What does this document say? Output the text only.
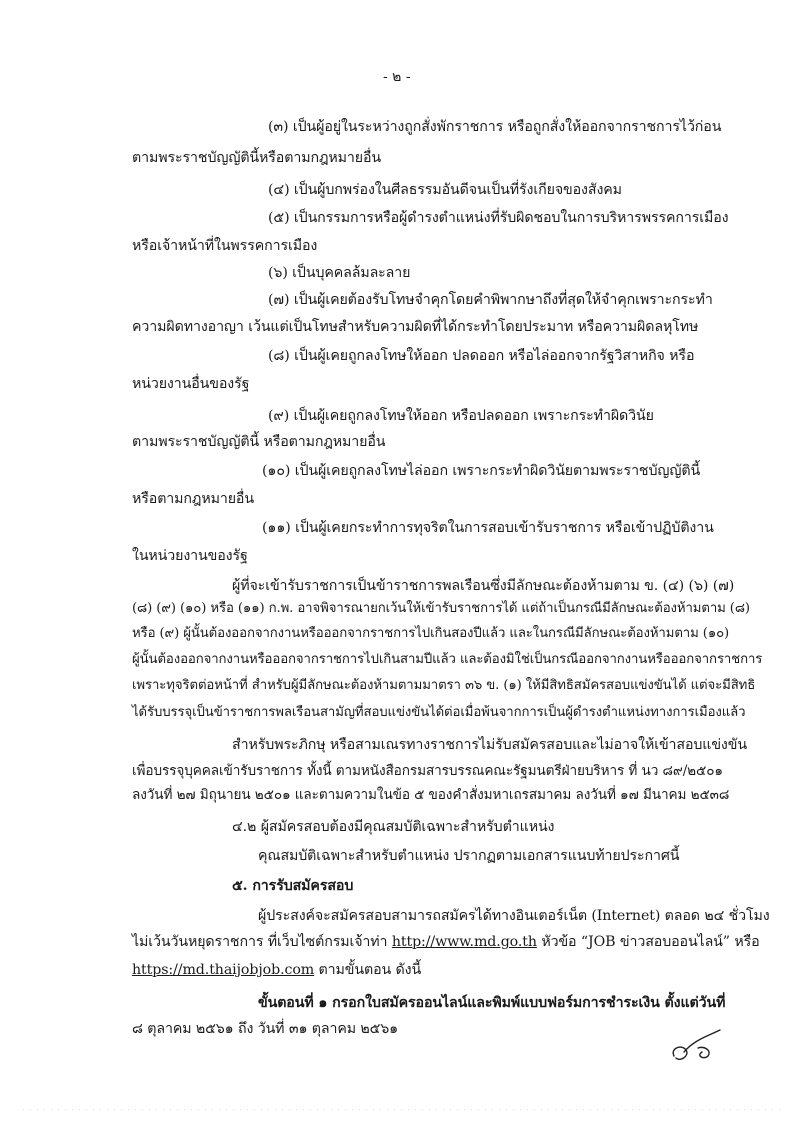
- ๒ -
(๓) เป็นผู้อยู่ในระหว่างถูกสั่งพักราชการ หรือถูกสั่งให้ออกจากราชการไว้ก่อน
ตามพระราชบัญญัตินี้หรือตามกฎหมายอื่น
(๔) เป็นผู้บกพร่องในศีลธรรมอันดีจนเป็นที่รังเกียจของสังคม
(๕) เป็นกรรมการหรือผู้ดำรงตำแหน่งที่รับผิดชอบในการบริหารพรรคการเมือง
หรือเจ้าหน้าที่ในพรรคการเมือง
(๖) เป็นบุคคลล้มละลาย
(๗) เป็นผู้เคยต้องรับโทษจำคุกโดยคำพิพากษาถึงที่สุดให้จำคุกเพราะกระทำ
ความผิดทางอาญา เว้นแต่เป็นโทษสำหรับความผิดที่ได้กระทำโดยประมาท หรือความผิดลหุโทษ
(๘) เป็นผู้เคยถูกลงโทษให้ออก ปลดออก หรือไล่ออกจากรัฐวิสาหกิจ หรือ
หน่วยงานอื่นของรัฐ
(๙) เป็นผู้เคยถูกลงโทษให้ออก หรือปลดออก เพราะกระทำผิดวินัย
ตามพระราชบัญญัตินี้ หรือตามกฎหมายอื่น
(๑๐) เป็นผู้เคยถูกลงโทษไล่ออก เพราะกระทำผิดวินัยตามพระราชบัญญัตินี้
หรือตามกฎหมายอื่น
(๑๑) เป็นผู้เคยกระทำการทุจริตในการสอบเข้ารับราชการ หรือเข้าปฏิบัติงาน
ในหน่วยงานของรัฐ
ผู้ที่จะเข้ารับราชการเป็นข้าราชการพลเรือนซึ่งมีลักษณะต้องห้ามตาม ข. (๔) (๖) (๗)
(๘) (๙) (๑๐) หรือ (๑๑) ก.พ. อาจพิจารณายกเว้นให้เข้ารับราชการได้ แต่ถ้าเป็นกรณีมีลักษณะต้องห้ามตาม (๘)
หรือ (๙) ผู้นั้นต้องออกจากงานหรือออกจากราชการไปเกินสองปีแล้ว และในกรณีมีลักษณะต้องห้ามตาม (๑๐)
ผู้นั้นต้องออกจากงานหรือออกจากราชการไปเกินสามปีแล้ว และต้องมิใช่เป็นกรณีออกจากงานหรือออกจากราชการ
เพราะทุจริตต่อหน้าที่ สำหรับผู้มีลักษณะต้องห้ามตามมาตรา ๓๖ ข. (๑) ให้มีสิทธิสมัครสอบแข่งขันได้ แต่จะมีสิทธิ
ได้รับบรรจุเป็นข้าราชการพลเรือนสามัญที่สอบแข่งขันได้ต่อเมื่อพ้นจากการเป็นผู้ดำรงตำแหน่งทางการเมืองแล้ว
สำหรับพระภิกษุ หรือสามเณรทางราชการไม่รับสมัครสอบและไม่อาจให้เข้าสอบแข่งขัน
เพื่อบรรจุบุคคลเข้ารับราชการ ทั้งนี้ ตามหนังสือกรมสารบรรณคณะรัฐมนตรีฝ่ายบริหาร ที่ นว ๘๙/๒๕๐๑
ลงวันที่ ๒๗ มิถุนายน ๒๕๐๑ และตามความในข้อ ๕ ของคำสั่งมหาเถรสมาคม ลงวันที่ ๑๗ มีนาคม ๒๕๓๘
๔.๒ ผู้สมัครสอบต้องมีคุณสมบัติเฉพาะสำหรับตำแหน่ง
คุณสมบัติเฉพาะสำหรับตำแหน่ง ปรากฏตามเอกสารแนบท้ายประกาศนี้
๕. การรับสมัครสอบ
ผู้ประสงค์จะสมัครสอบสามารถสมัครได้ทางอินเตอร์เน็ต (Internet) ตลอด ๒๔ ชั่วโมง
ไม่เว้นวันหยุดราชการ ที่เว็บไซต์กรมเจ้าท่า http://www.md.go.th หัวข้อ “JOB ข่าวสอบออนไลน์” หรือ
https://md.thaijobjob.com ตามขั้นตอน ดังนี้
ขั้นตอนที่ ๑ กรอกใบสมัครออนไลน์และพิมพ์แบบฟอร์มการชำระเงิน ตั้งแต่วันที่
๘ ตุลาคม ๒๕๖๑ ถึง วันที่ ๓๑ ตุลาคม ๒๕๖๑
